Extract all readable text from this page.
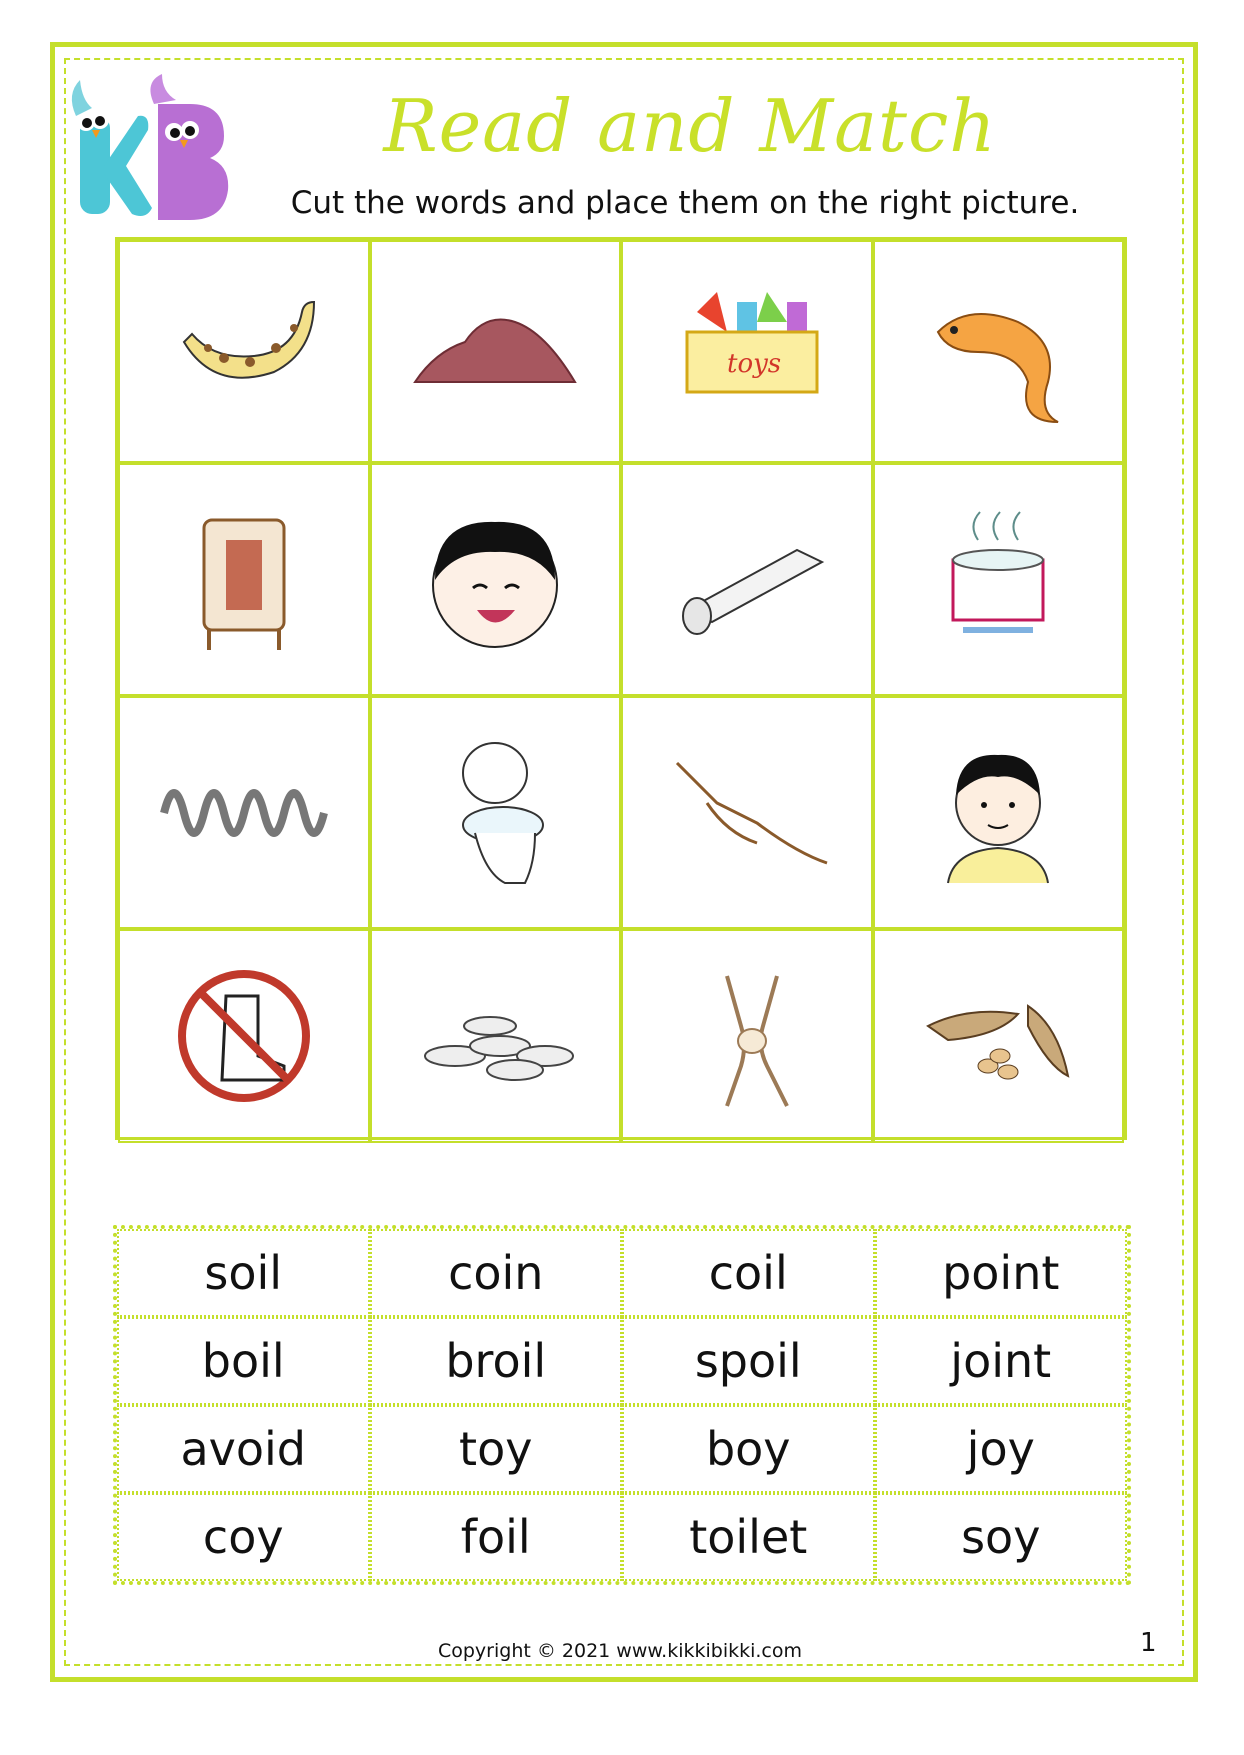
Read and Match
Cut the words and place them on the right picture.
toys
soil	coin	coil	point
boil	broil	spoil	joint
avoid	toy	boy	joy
coy	foil	toilet	soy
Copyright © 2021 www.kikkibikki.com	1
